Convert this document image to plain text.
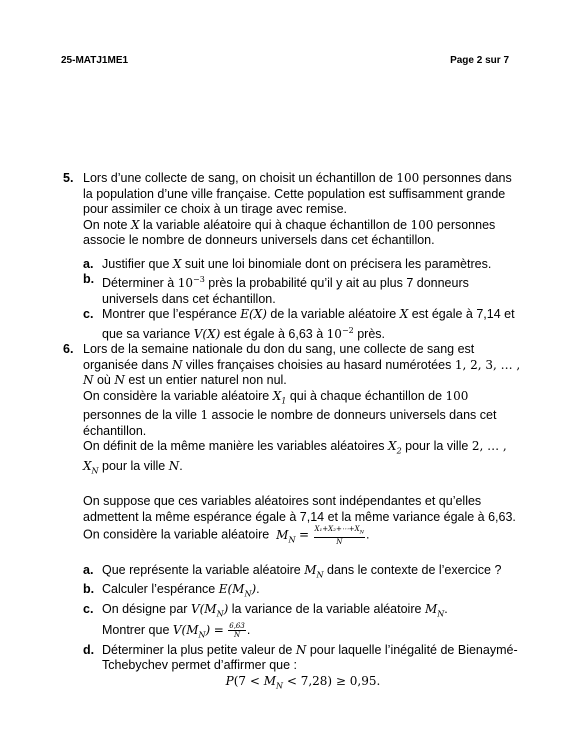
25-MATJ1ME1	Page 2 sur 7
5. Lors d’une collecte de sang, on choisit un échantillon de 100 personnes dans la population d’une ville française. Cette population est suffisamment grande pour assimiler ce choix à un tirage avec remise.

On note X la variable aléatoire qui à chaque échantillon de 100 personnes associe le nombre de donneurs universels dans cet échantillon.

a. Justifier que X suit une loi binomiale dont on précisera les paramètres.
b. Déterminer à $10^{-3}$ près la probabilité qu’il y ait au plus 7 donneurs universels dans cet échantillon.
c. Montrer que l’espérance E(X) de la variable aléatoire X est égale à 7,14 et que sa variance V(X) est égale à 6,63 à $10^{-2}$ près.
6. Lors de la semaine nationale du don du sang, une collecte de sang est organisée dans N villes françaises choisies au hasard numérotées 1, 2, 3, … , N où N est un entier naturel non nul.

On considère la variable aléatoire $X_1$ qui à chaque échantillon de 100 personnes de la ville 1 associe le nombre de donneurs universels dans cet échantillon.

On définit de la même manière les variables aléatoires $X_2$ pour la ville 2, … , $X_N$ pour la ville N.

On suppose que ces variables aléatoires sont indépendantes et qu’elles admettent la même espérance égale à 7,14 et la même variance égale à 6,63.

On considère la variable aléatoire $M_N = \frac{X_1+X_2+\cdots+X_N}{N}$ .

a. Que représente la variable aléatoire $M_N$ dans le contexte de l’exercice ?
b. Calculer l’espérance $E(M_N)$.
c. On désigne par $V(M_N)$ la variance de la variable aléatoire $M_N$.
Montrer que $V(M_N) = \frac{6,63}{N}$ .
d. Déterminer la plus petite valeur de N pour laquelle l’inégalité de Bienaymé-Tchebychev permet d’affirmer que :
$P(7 < M_N < 7,28) \ge 0,95$.
